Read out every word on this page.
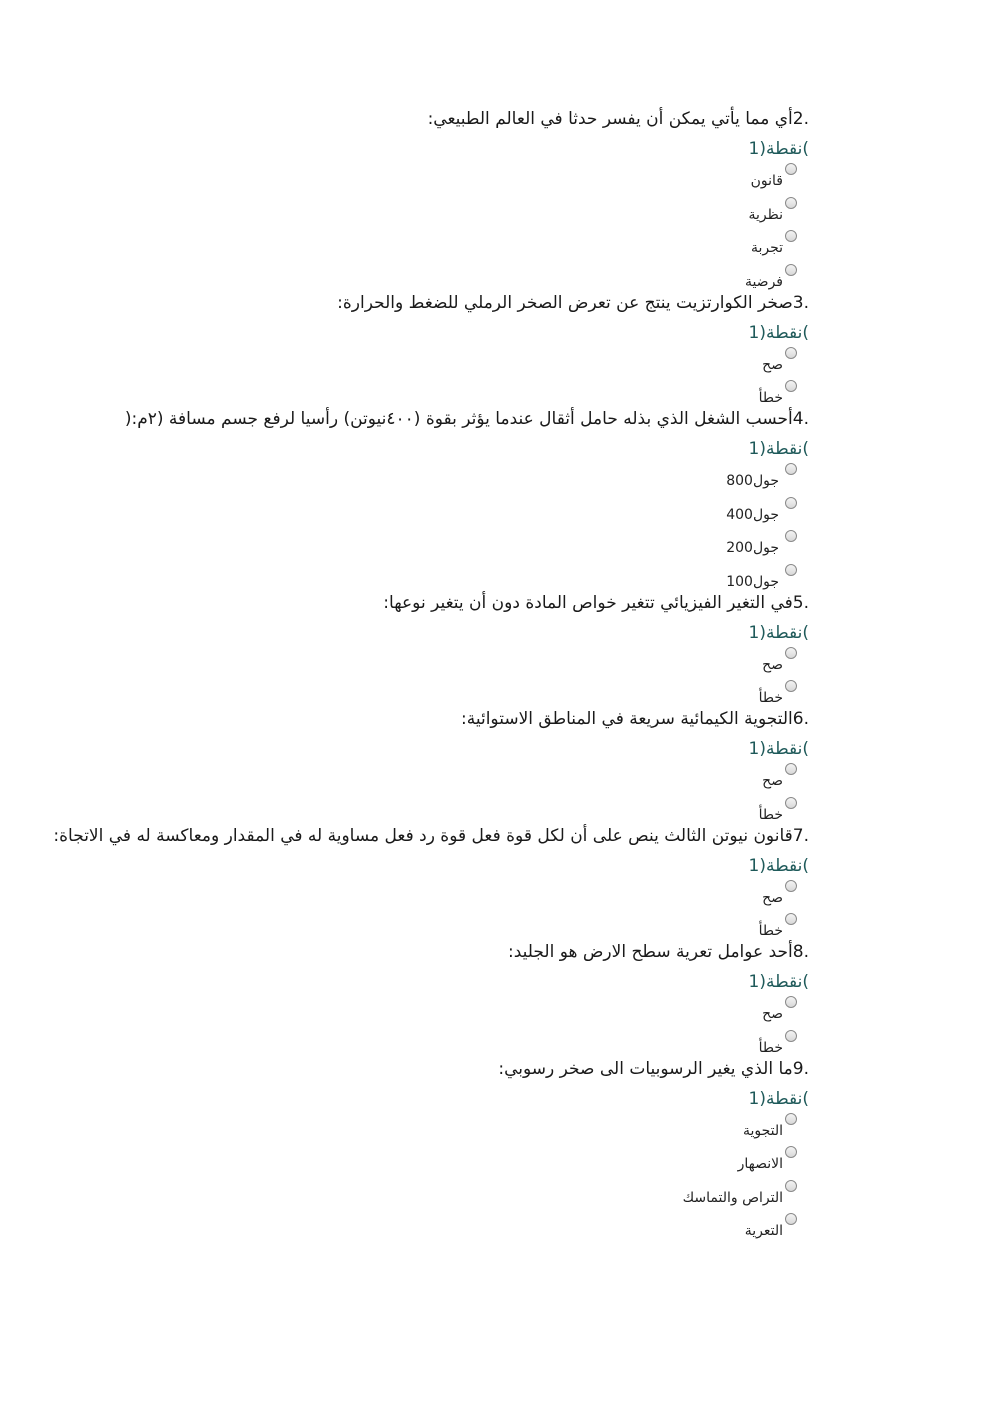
.2أي مما يأتي يمكن أن يفسر حدثا في العالم الطبيعي:
1)نقطة(
قانون
نظرية
تجربة
فرضية
.3صخر الكوارتزيت ينتج عن تعرض الصخر الرملي للضغط والحرارة:
1)نقطة(
صح
خطأ
.4أحسب الشغل الذي بذله حامل أثقال عندما يؤثر بقوة (٤٠٠نيوتن) رأسيا لرفع جسم مسافة (٢م:(
1)نقطة(
800جول
400جول
200جول
100جول
.5في التغير الفيزيائي تتغير خواص المادة دون أن يتغير نوعها:
1)نقطة(
صح
خطأ
.6التجوية الكيمائية سريعة في المناطق الاستوائية:
1)نقطة(
صح
خطأ
.7قانون نيوتن الثالث ينص على أن لكل قوة فعل قوة رد فعل مساوية له في المقدار ومعاكسة له في الاتجاة:
1)نقطة(
صح
خطأ
.8أحد عوامل تعرية سطح الارض هو الجليد:
1)نقطة(
صح
خطأ
.9ما الذي يغير الرسوبيات الى صخر رسوبي:
1)نقطة(
التجوية
الانصهار
التراص والتماسك
التعرية
